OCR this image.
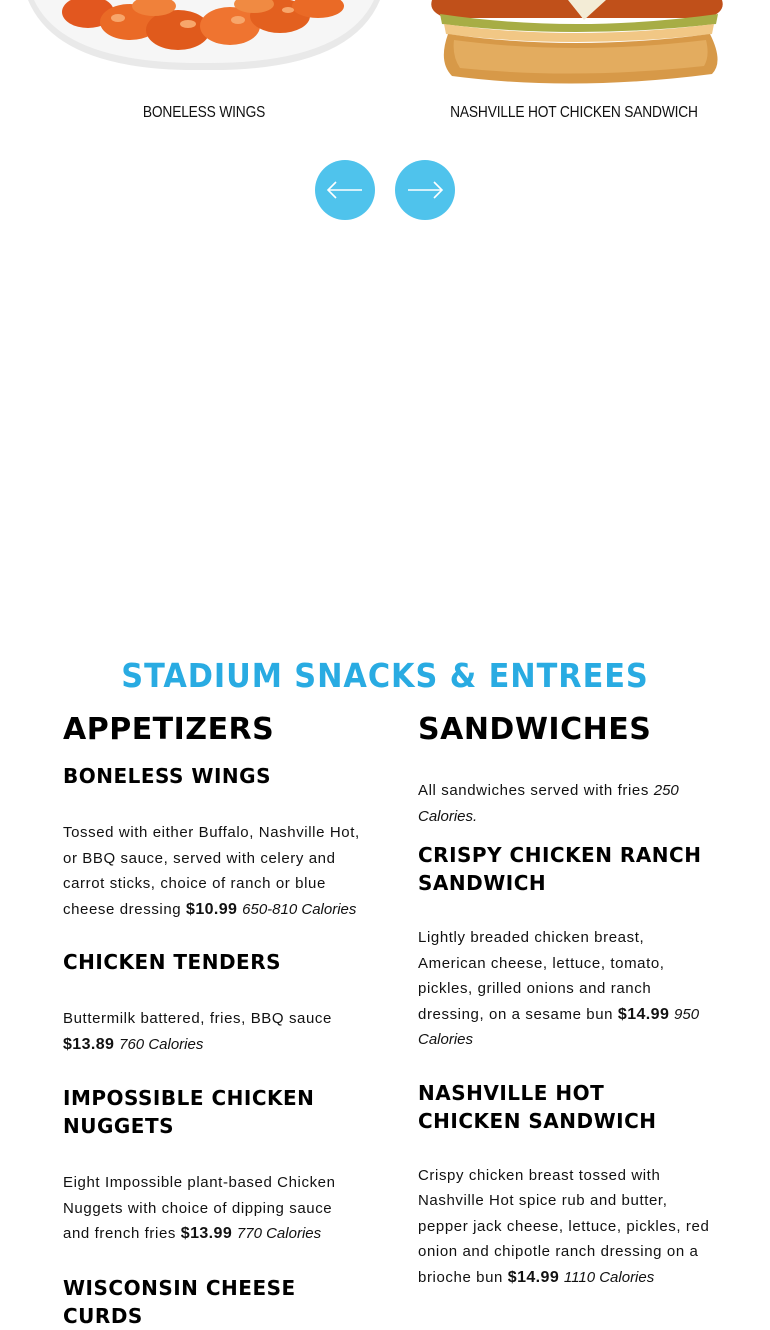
BONELESS WINGS	NASHVILLE HOT CHICKEN SANDWICH
STADIUM SNACKS & ENTREES
APPETIZERS
BONELESS WINGS

Tossed with either Buffalo, Nashville Hot, or BBQ sauce, served with celery and carrot sticks, choice of ranch or blue cheese dressing $10.99 650-810 Calories

CHICKEN TENDERS

Buttermilk battered, fries, BBQ sauce $13.89 760 Calories

IMPOSSIBLE CHICKEN NUGGETS

Eight Impossible plant-based Chicken Nuggets with choice of dipping sauce and french fries $13.99 770 Calories

WISCONSIN CHEESE CURDS
SANDWICHES

All sandwiches served with fries 250 Calories.

CRISPY CHICKEN RANCH SANDWICH

Lightly breaded chicken breast, American cheese, lettuce, tomato, pickles, grilled onions and ranch dressing, on a sesame bun $14.99 950 Calories

NASHVILLE HOT CHICKEN SANDWICH

Crispy chicken breast tossed with Nashville Hot spice rub and butter, pepper jack cheese, lettuce, pickles, red onion and chipotle ranch dressing on a brioche bun $14.99 1110 Calories
